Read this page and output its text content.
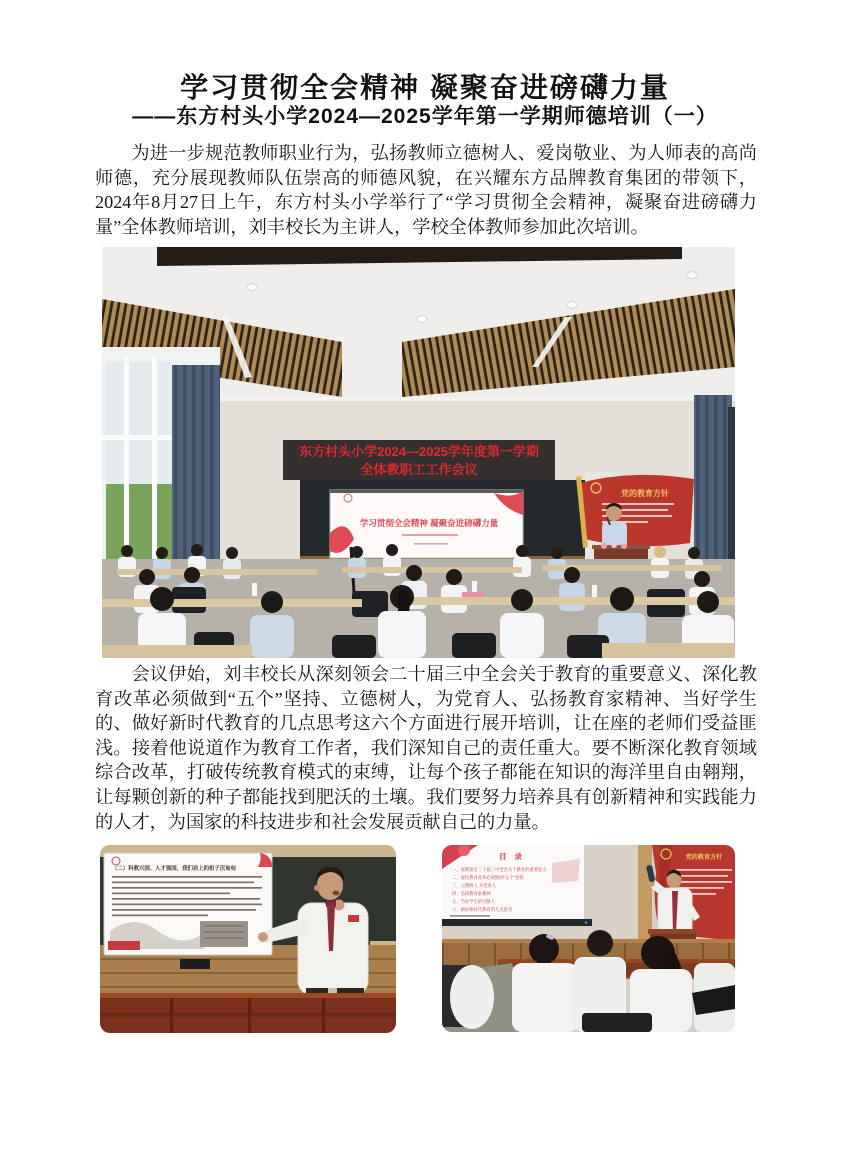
学习贯彻全会精神 凝聚奋进磅礴力量
——东方村头小学2024—2025学年第一学期师德培训（一）
为进一步规范教师职业行为，弘扬教师立德树人、爱岗敬业、为人师表的高尚师德，充分展现教师队伍崇高的师德风貌，在兴耀东方品牌教育集团的带领下，2024年8月27日上午，东方村头小学举行了“学习贯彻全会精神，凝聚奋进磅礴力量”全体教师培训，刘丰校长为主讲人，学校全体教师参加此次培训。
东方村头小学2024—2025学年度第一学期
全体教职工工作会议
学习贯彻全会精神 凝聚奋进磅礴力量
党的教育方针
会议伊始，刘丰校长从深刻领会二十届三中全会关于教育的重要意义、深化教育改革必须做到“五个”坚持、立德树人，为党育人、弘扬教育家精神、当好学生的、做好新时代教育的几点思考这六个方面进行展开培训，让在座的老师们受益匪浅。接着他说道作为教育工作者，我们深知自己的责任重大。要不断深化教育领域综合改革，打破传统教育模式的束缚，让每个孩子都能在知识的海洋里自由翱翔，让每颗创新的种子都能找到肥沃的土壤。我们要努力培养具有创新精神和实践能力的人才，为国家的科技进步和社会发展贡献自己的力量。
（二）科教兴国、人才强国，我们肩上的担子沉甸甸
目 录
一、深刻领会二十届三中全会关于教育的重要意义
二、深化教育改革必须做到“五个”坚持
三、立德树人 为党育人
四、弘扬教育家精神
五、当好学生的引路人
六、做好新时代教育的几点思考
党的教育方针
